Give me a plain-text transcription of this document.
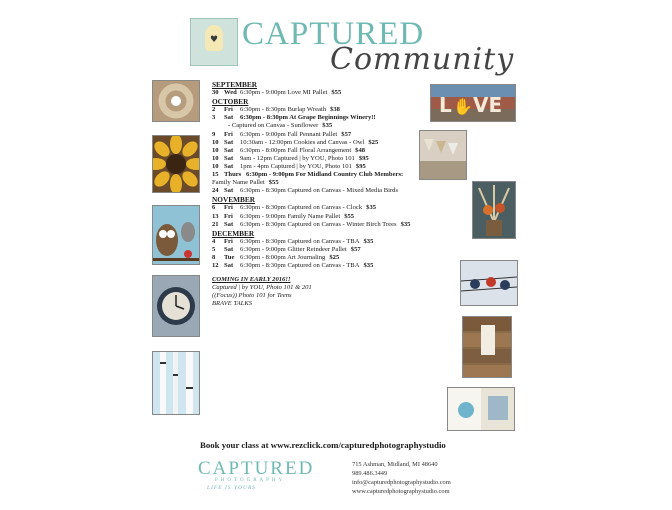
♥ CAPTURED
Community
L ✋ VE
SEPTEMBER
30 Wed 6:30pm - 9:00pm Love MI Pallet $55
OCTOBER
2 Fri 6:30pm - 8:30pm Burlap Wreath $38
3 Sat 6:30pm - 8:30pm At Grape Beginnings Winery!!
- Captured on Canvas - Sunflower $35
9 Fri 6:30pm - 9:00pm Fall Pennant Pallet $57
10 Sat 10:30am - 12:00pm Cookies and Canvas - Owl $25
10 Sat 6:30pm - 8:00pm Fall Floral Arrangement $48
10 Sat 9am - 12pm Captured | by YOU, Photo 101 $95
10 Sat 1pm - 4pm Captured | by YOU, Photo 101 $95
15 Thurs 6:30pm - 9:00pm For Midland Country Club Members:
Family Name Pallet $55
24 Sat 6:30pm - 8:30pm Captured on Canvas - Mixed Media Birds
NOVEMBER
6 Fri 6:30pm - 8:30pm Captured on Canvas - Clock $35
13 Fri 6:30pm - 9:00pm Family Name Pallet $55
21 Sat 6:30pm - 8:30pm Captured on Canvas - Winter Birch Trees $35
DECEMBER
4 Fri 6:30pm - 8:30pm Captured on Canvas - TBA $35
5 Sat 6:30pm - 9:00pm Glitter Reindeer Pallet $57
8 Tue 6:30pm - 8:00pm Art Journaling $25
12 Sat 6:30pm - 8:30pm Captured on Canvas - TBA $35
COMING IN EARLY 2016!!
Captured | by YOU, Photo 101 & 201
((Focus)) Photo 101 for Teens
BRAVE TALKS
Book your class at www.rezclick.com/capturedphotographystudio
CAPTURED
PHOTOGRAPHY
LIFE IS YOURS
715 Ashman, Midland, MI 48640
989.486.3449
info@capturedphotographystudio.com
www.capturedphotographystudio.com
